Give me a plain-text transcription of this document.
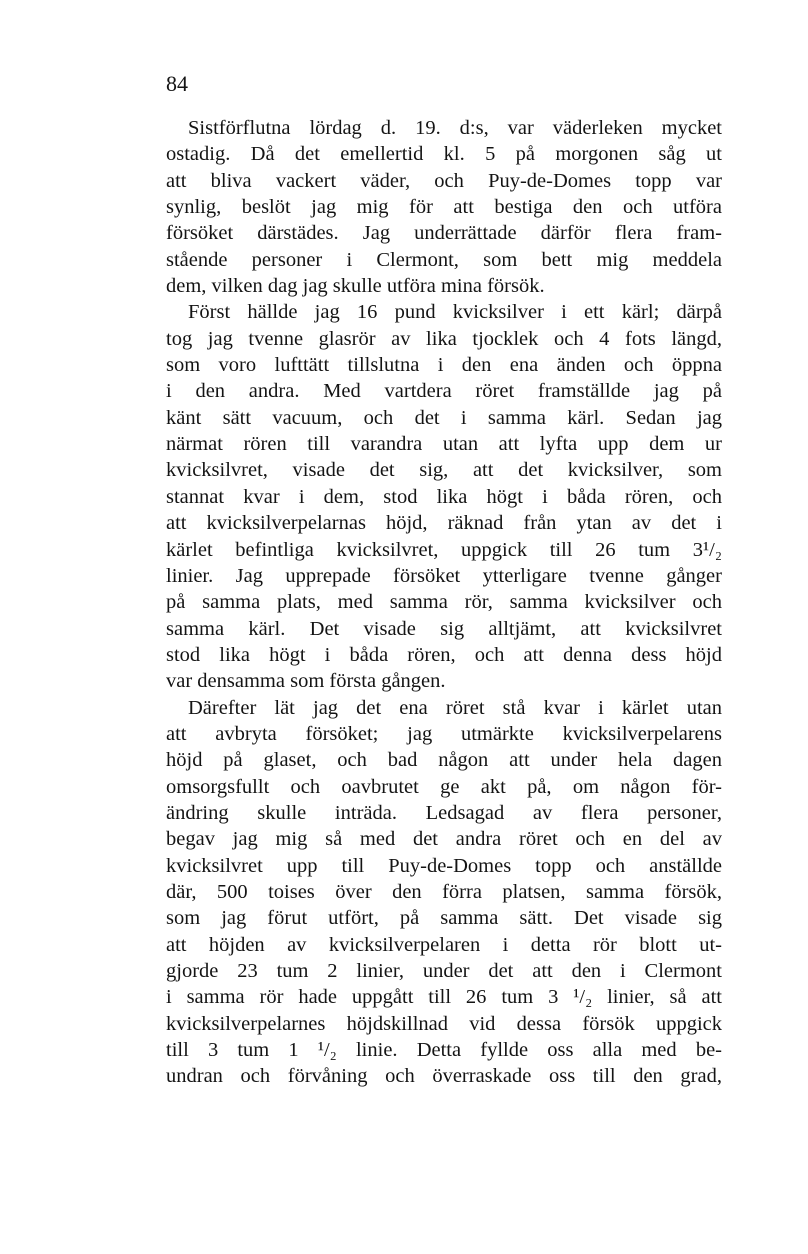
84
Sistförflutna lördag d. 19. d:s, var väderleken mycket
ostadig. Då det emellertid kl. 5 på morgonen såg ut
att bliva vackert väder, och Puy-de-Domes topp var
synlig, beslöt jag mig för att bestiga den och utföra
försöket därstädes. Jag underrättade därför flera fram-
stående personer i Clermont, som bett mig meddela
dem, vilken dag jag skulle utföra mina försök.
Först hällde jag 16 pund kvicksilver i ett kärl; därpå
tog jag tvenne glasrör av lika tjocklek och 4 fots längd,
som voro lufttätt tillslutna i den ena änden och öppna
i den andra. Med vartdera röret framställde jag på
känt sätt vacuum, och det i samma kärl. Sedan jag
närmat rören till varandra utan att lyfta upp dem ur
kvicksilvret, visade det sig, att det kvicksilver, som
stannat kvar i dem, stod lika högt i båda rören, och
att kvicksilverpelarnas höjd, räknad från ytan av det i
kärlet befintliga kvicksilvret, uppgick till 26 tum 3¹/₂
linier. Jag upprepade försöket ytterligare tvenne gånger
på samma plats, med samma rör, samma kvicksilver och
samma kärl. Det visade sig alltjämt, att kvicksilvret
stod lika högt i båda rören, och att denna dess höjd
var densamma som första gången.
Därefter lät jag det ena röret stå kvar i kärlet utan
att avbryta försöket; jag utmärkte kvicksilverpelarens
höjd på glaset, och bad någon att under hela dagen
omsorgsfullt och oavbrutet ge akt på, om någon för-
ändring skulle inträda. Ledsagad av flera personer,
begav jag mig så med det andra röret och en del av
kvicksilvret upp till Puy-de-Domes topp och anställde
där, 500 toises över den förra platsen, samma försök,
som jag förut utfört, på samma sätt. Det visade sig
att höjden av kvicksilverpelaren i detta rör blott ut-
gjorde 23 tum 2 linier, under det att den i Clermont
i samma rör hade uppgått till 26 tum 3 ¹/₂ linier, så att
kvicksilverpelarnes höjdskillnad vid dessa försök uppgick
till 3 tum 1 ¹/₂ linie. Detta fyllde oss alla med be-
undran och förvåning och överraskade oss till den grad,
